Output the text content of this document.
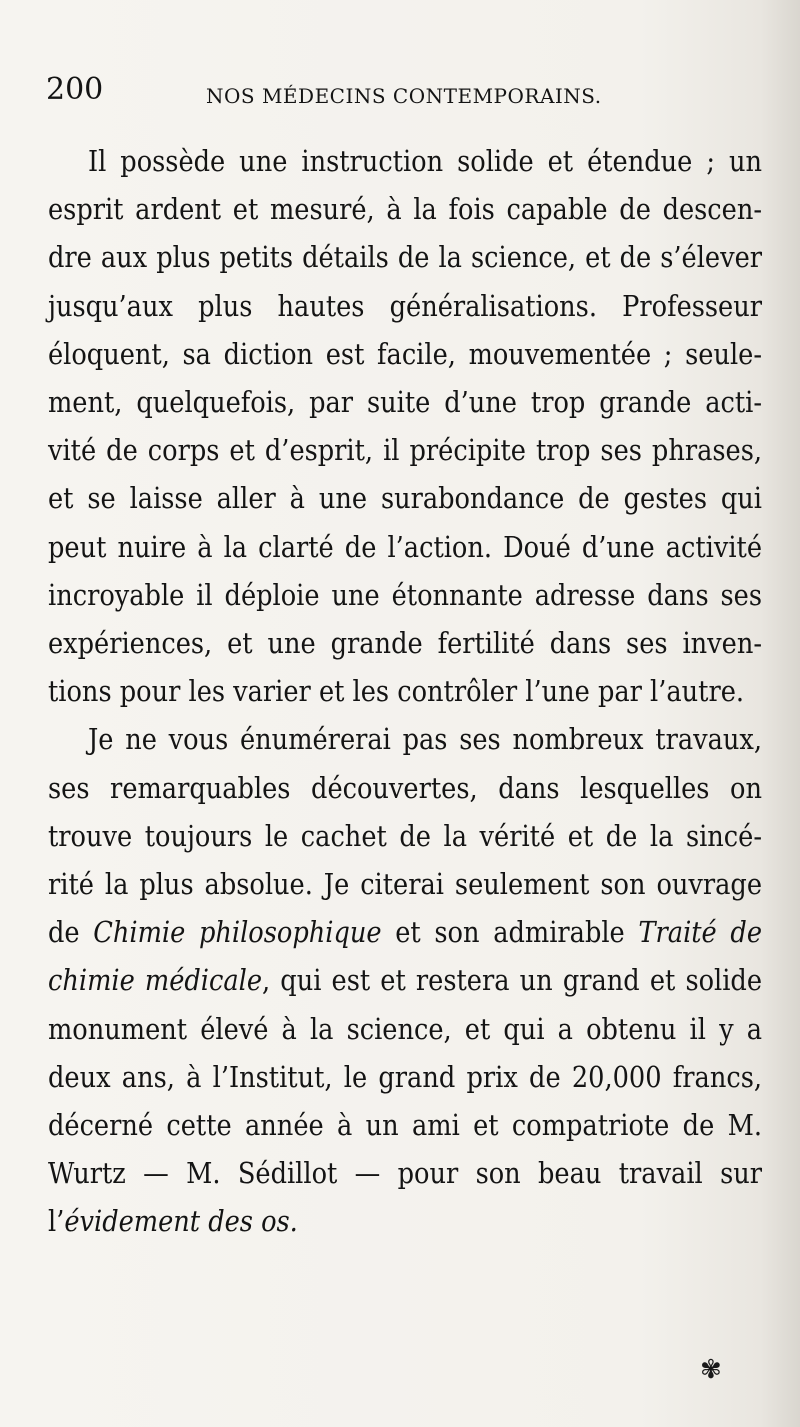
200	NOS MÉDECINS CONTEMPORAINS.

Il possède une instruction solide et étendue ; un esprit ardent et mesuré, à la fois capable de descen-dre aux plus petits détails de la science, et de s’élever jusqu’aux plus hautes généralisations. Professeur éloquent, sa diction est facile, mouvementée ; seule-ment, quelquefois, par suite d’une trop grande acti-vité de corps et d’esprit, il précipite trop ses phrases, et se laisse aller à une surabondance de gestes qui peut nuire à la clarté de l’action. Doué d’une activité incroyable il déploie une étonnante adresse dans ses expériences, et une grande fertilité dans ses inven-tions pour les varier et les contrôler l’une par l’autre.

Je ne vous énumérerai pas ses nombreux travaux, ses remarquables découvertes, dans lesquelles on trouve toujours le cachet de la vérité et de la sincé-rité la plus absolue. Je citerai seulement son ouvrage de Chimie philosophique et son admirable Traité de chimie médicale, qui est et restera un grand et solide monument élevé à la science, et qui a obtenu il y a deux ans, à l’Institut, le grand prix de 20,000 francs, décerné cette année à un ami et compatriote de M. Wurtz — M. Sédillot — pour son beau travail sur l’évidement des os.

✾
